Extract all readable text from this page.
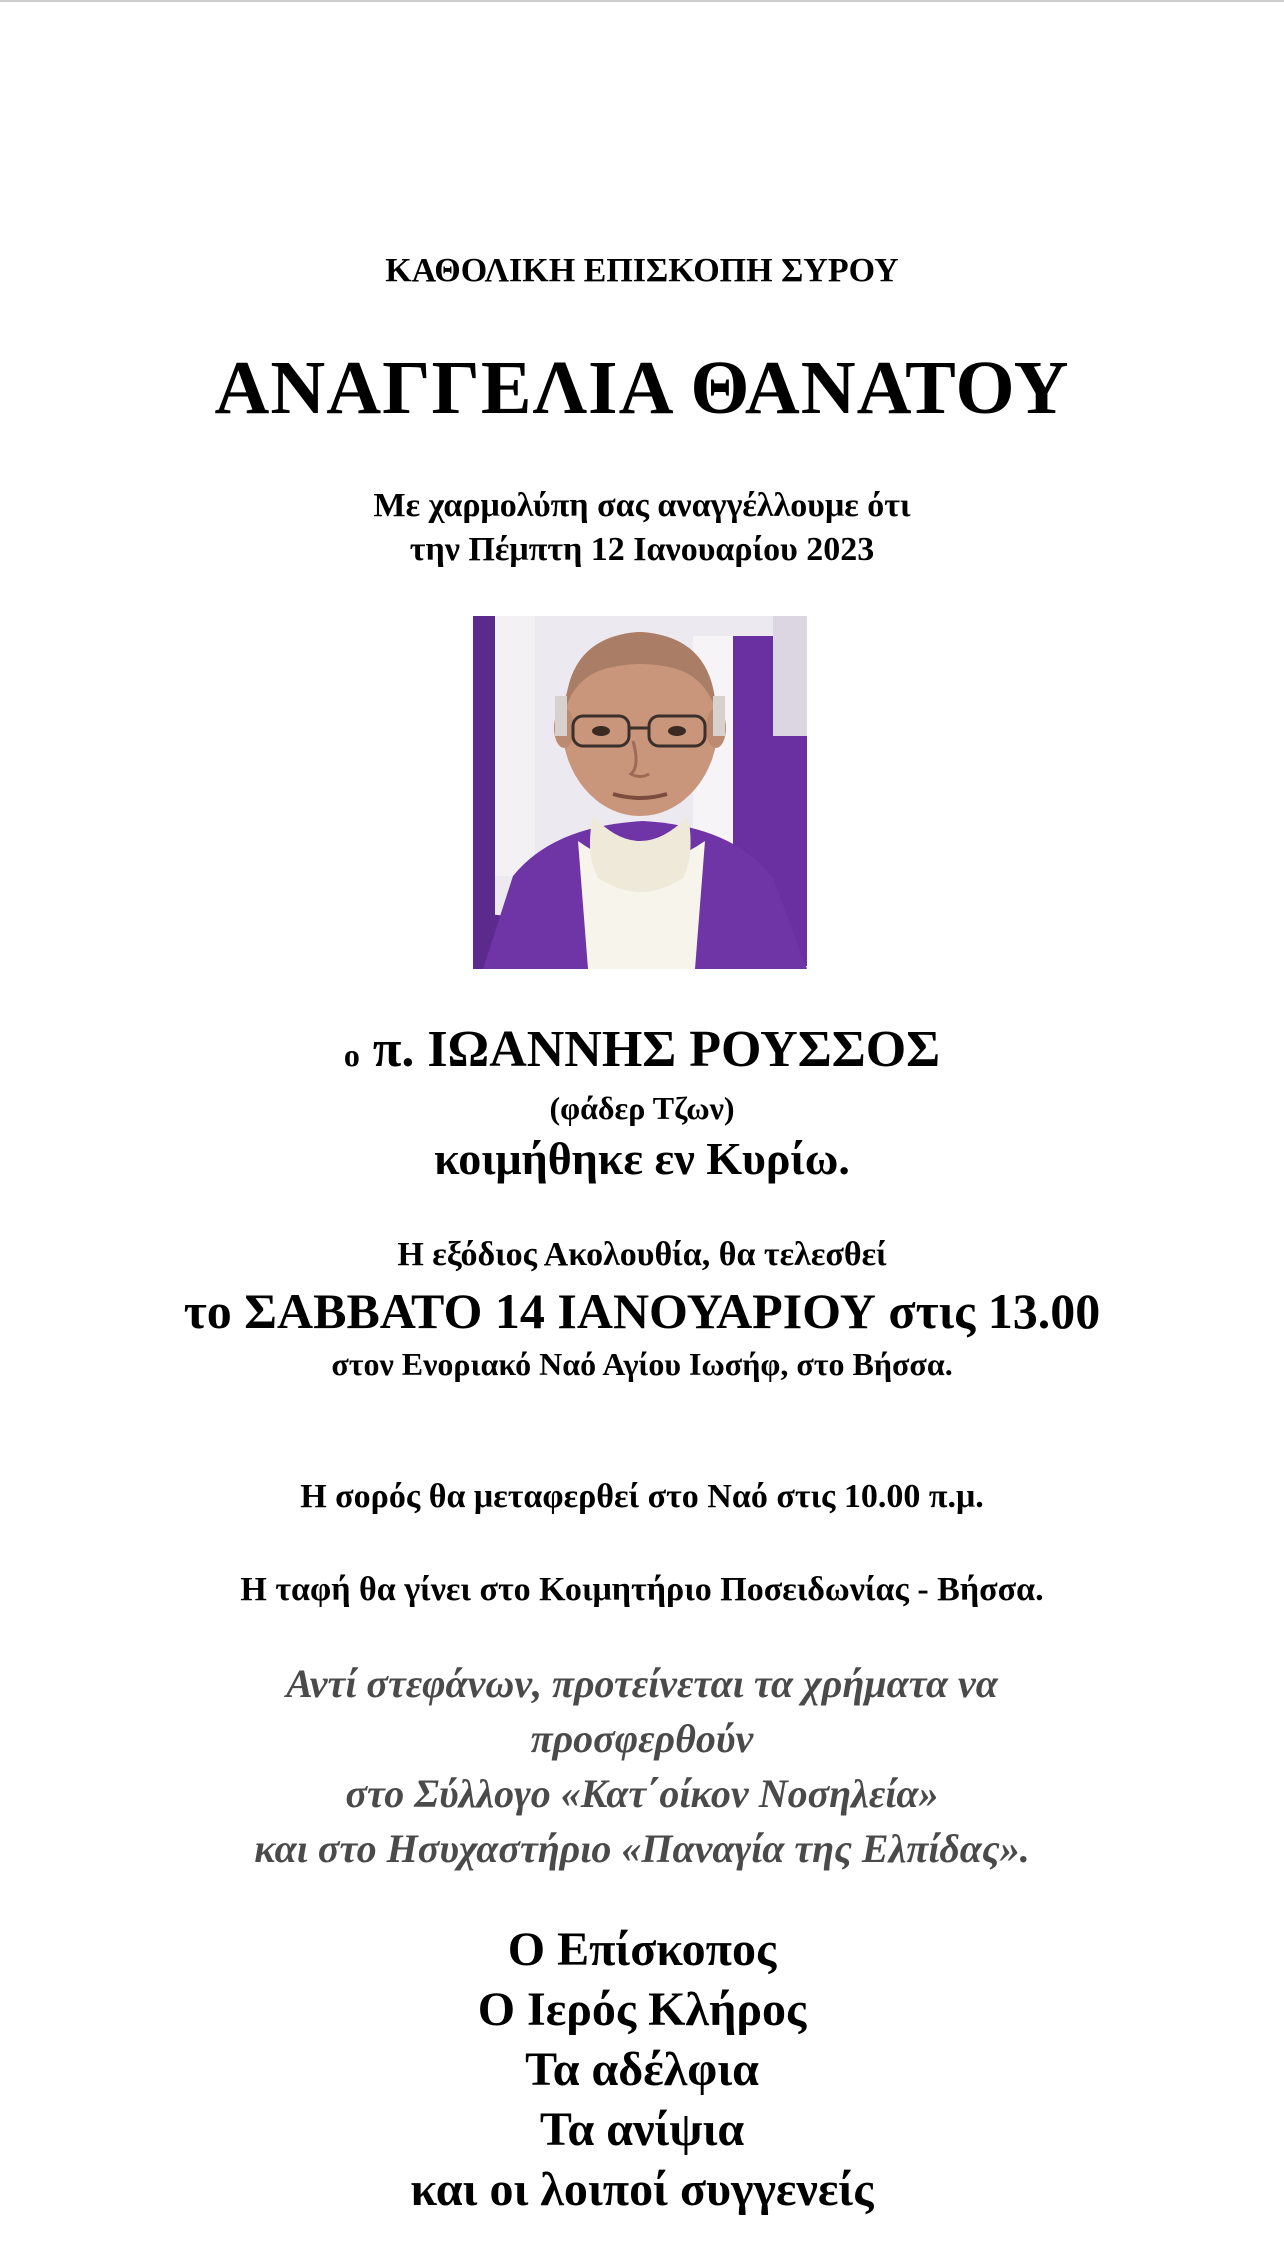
ΚΑΘΟΛΙΚΗ ΕΠΙΣΚΟΠΗ ΣΥΡΟΥ
ΑΝΑΓΓΕΛΙΑ ΘΑΝΑΤΟΥ
Με χαρμολύπη σας αναγγέλλουμε ότι
την Πέμπτη 12 Ιανουαρίου 2023
ο π. ΙΩΑΝΝΗΣ ΡΟΥΣΣΟΣ
(φάδερ Τζων)
κοιμήθηκε εν Κυρίω.
Η εξόδιος Ακολουθία, θα τελεσθεί
το ΣΑΒΒΑΤΟ 14 ΙΑΝΟΥΑΡΙΟΥ στις 13.00
στον Ενοριακό Ναό Αγίου Ιωσήφ, στο Βήσσα.
Η σορός θα μεταφερθεί στο Ναό στις 10.00 π.μ.
Η ταφή θα γίνει στο Κοιμητήριο Ποσειδωνίας - Βήσσα.
Αντί στεφάνων, προτείνεται τα χρήματα να
προσφερθούν
στο Σύλλογο «Κατ΄οίκον Νοσηλεία»
και στο Ησυχαστήριο «Παναγία της Ελπίδας».
Ο Επίσκοπος
Ο Ιερός Κλήρος
Τα αδέλφια
Τα ανίψια
και οι λοιποί συγγενείς
